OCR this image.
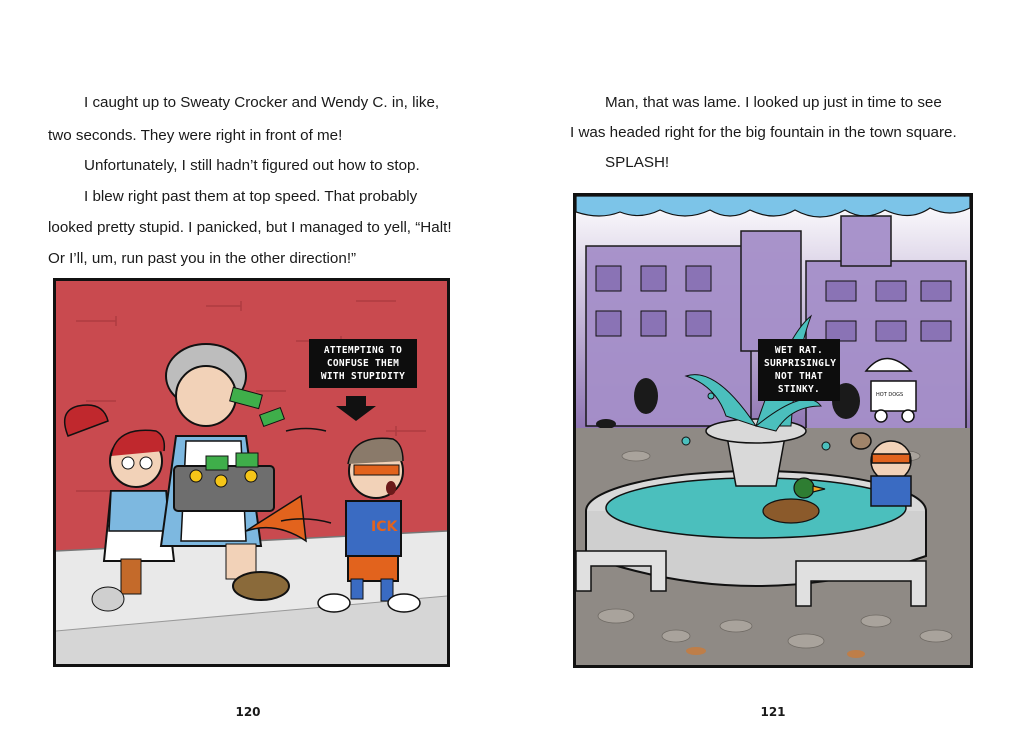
I caught up to Sweaty Crocker and Wendy C. in, like,
two seconds. They were right in front of me!
Unfortunately, I still hadn’t figured out how to stop.
I blew right past them at top speed. That probably
looked pretty stupid. I panicked, but I managed to yell, “Halt!
Or I’ll, um, run past you in the other direction!”
ICK
ATTEMPTING TO
CONFUSE THEM
WITH STUPIDITY
120
Man, that was lame. I looked up just in time to see
I was headed right for the big fountain in the town square.
SPLASH!
HOT DOGS
WET RAT.
SURPRISINGLY
NOT THAT
STINKY.
121
